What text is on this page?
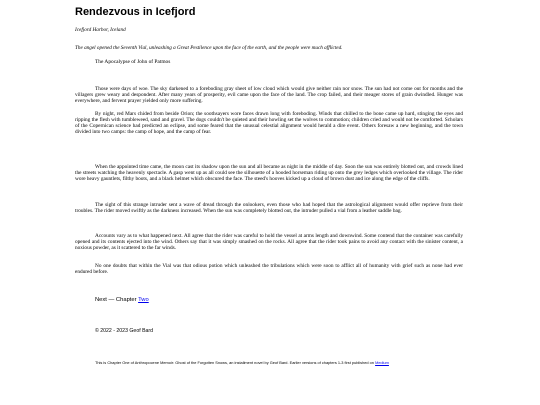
Rendezvous in Icefjord
Icefjord Harbor, Iceland
The angel opened the Seventh Vial, unleashing a Great Pestilence upon the face of the earth, and the people were much afflicted.
The Apocalypse of John of Patmos

Those were days of woe. The sky darkened to a foreboding gray sheet of low cloud which would give neither rain nor snow. The sun had not come out for months and the villagers grew weary and despondent. After many years of prosperity, evil came upon the face of the land. The crop failed, and their meager stores of grain dwindled. Hunger was everywhere, and fervent prayer yielded only more suffering.

By night, red Mars chided from beside Orion; the soothsayers wore faces drawn long with foreboding. Winds that chilled to the bone came up hard, stinging the eyes and ripping the flesh with tumbleweed, sand and gravel. The dogs couldn't be quieted and their howling set the wolves to commotion; children cried and would not be comforted. Scholars of the Copernican science had predicted an eclipse, and some feared that the unusual celestial alignment would herald a dire event. Others foresaw a new beginning, and the town divided into two camps: the camp of hope, and the camp of fear.

When the appointed time came, the moon cast its shadow upon the sun and all became as night in the middle of day. Soon the sun was entirely blotted out, and crowds lined the streets watching the heavenly spectacle. A gasp went up as all could see the silhouette of a hooded horseman riding up onto the grey ledges which overlooked the village. The rider wore heavy gauntlets, filthy boots, and a black helmet which obscured the face. The steed's hooves kicked up a cloud of brown dust and ice along the edge of the cliffs.

The sight of this strange intruder sent a wave of dread through the onlookers, even those who had hoped that the astrological alignment would offer reprieve from their troubles. The rider moved swiftly as the darkness increased. When the sun was completely blotted out, the intruder pulled a vial from a leather saddle bag.

Accounts vary as to what happened next. All agree that the rider was careful to hold the vessel at arms length and downwind. Some contend that the container was carefully opened and its contents ejected into the wind. Others say that it was simply smashed on the rocks. All agree that the rider took pains to avoid any contact with the sinister content, a noxious powder, as it scattered to the far winds.

No one doubts that within the Vial was that odious potion which unleashed the tribulations which were soon to afflict all of humanity with grief such as none had ever endured before.

Next — Chapter Two
© 2022 - 2023 Geof Bard
This is Chapter One of Anthropocene Memoir: Ghost of the Forgotten Snows, an installment novel by Geof Bard. Earlier versions of chapters 1-3 first published on Medium
